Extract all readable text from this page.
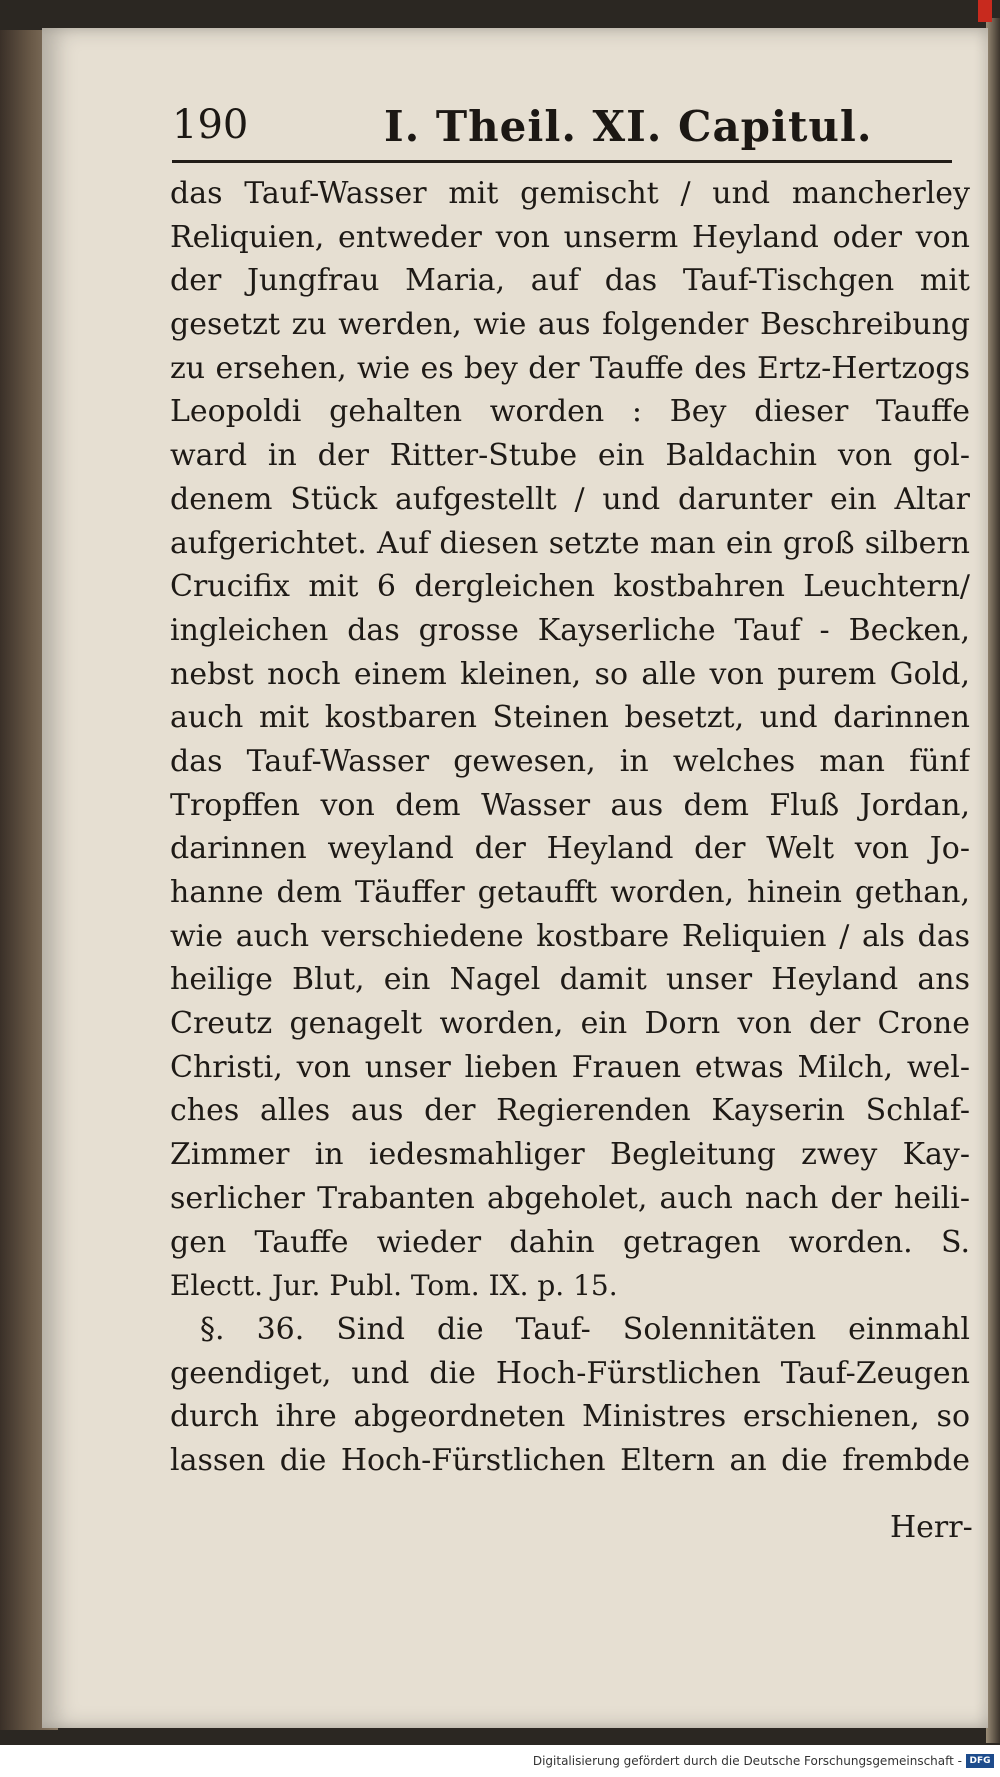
190	I. Theil. XI. Capitul.
das Tauf-Wasser mit gemischt / und mancherley
Reliquien, entweder von unserm Heyland oder von
der Jungfrau Maria, auf das Tauf-Tischgen mit
gesetzt zu werden, wie aus folgender Beschreibung
zu ersehen, wie es bey der Tauffe des Ertz-Hertzogs
Leopoldi gehalten worden : Bey dieser Tauffe
ward in der Ritter-Stube ein Baldachin von gol-
denem Stück aufgestellt / und darunter ein Altar
aufgerichtet. Auf diesen setzte man ein groß silbern
Crucifix mit 6 dergleichen kostbahren Leuchtern/
ingleichen das grosse Kayserliche Tauf - Becken,
nebst noch einem kleinen, so alle von purem Gold,
auch mit kostbaren Steinen besetzt, und darinnen
das Tauf-Wasser gewesen, in welches man fünf
Tropffen von dem Wasser aus dem Fluß Jordan,
darinnen weyland der Heyland der Welt von Jo-
hanne dem Täuffer getaufft worden, hinein gethan,
wie auch verschiedene kostbare Reliquien / als das
heilige Blut, ein Nagel damit unser Heyland ans
Creutz genagelt worden, ein Dorn von der Crone
Christi, von unser lieben Frauen etwas Milch, wel-
ches alles aus der Regierenden Kayserin Schlaf-
Zimmer in iedesmahliger Begleitung zwey Kay-
serlicher Trabanten abgeholet, auch nach der heili-
gen Tauffe wieder dahin getragen worden. S.
Electt. Jur. Publ. Tom. IX. p. 15.
§. 36. Sind die Tauf- Solennitäten einmahl
geendiget, und die Hoch-Fürstlichen Tauf-Zeugen
durch ihre abgeordneten Ministres erschienen, so
lassen die Hoch-Fürstlichen Eltern an die frembde
Herr-
Digitalisierung gefördert durch die Deutsche Forschungsgemeinschaft - DFG
